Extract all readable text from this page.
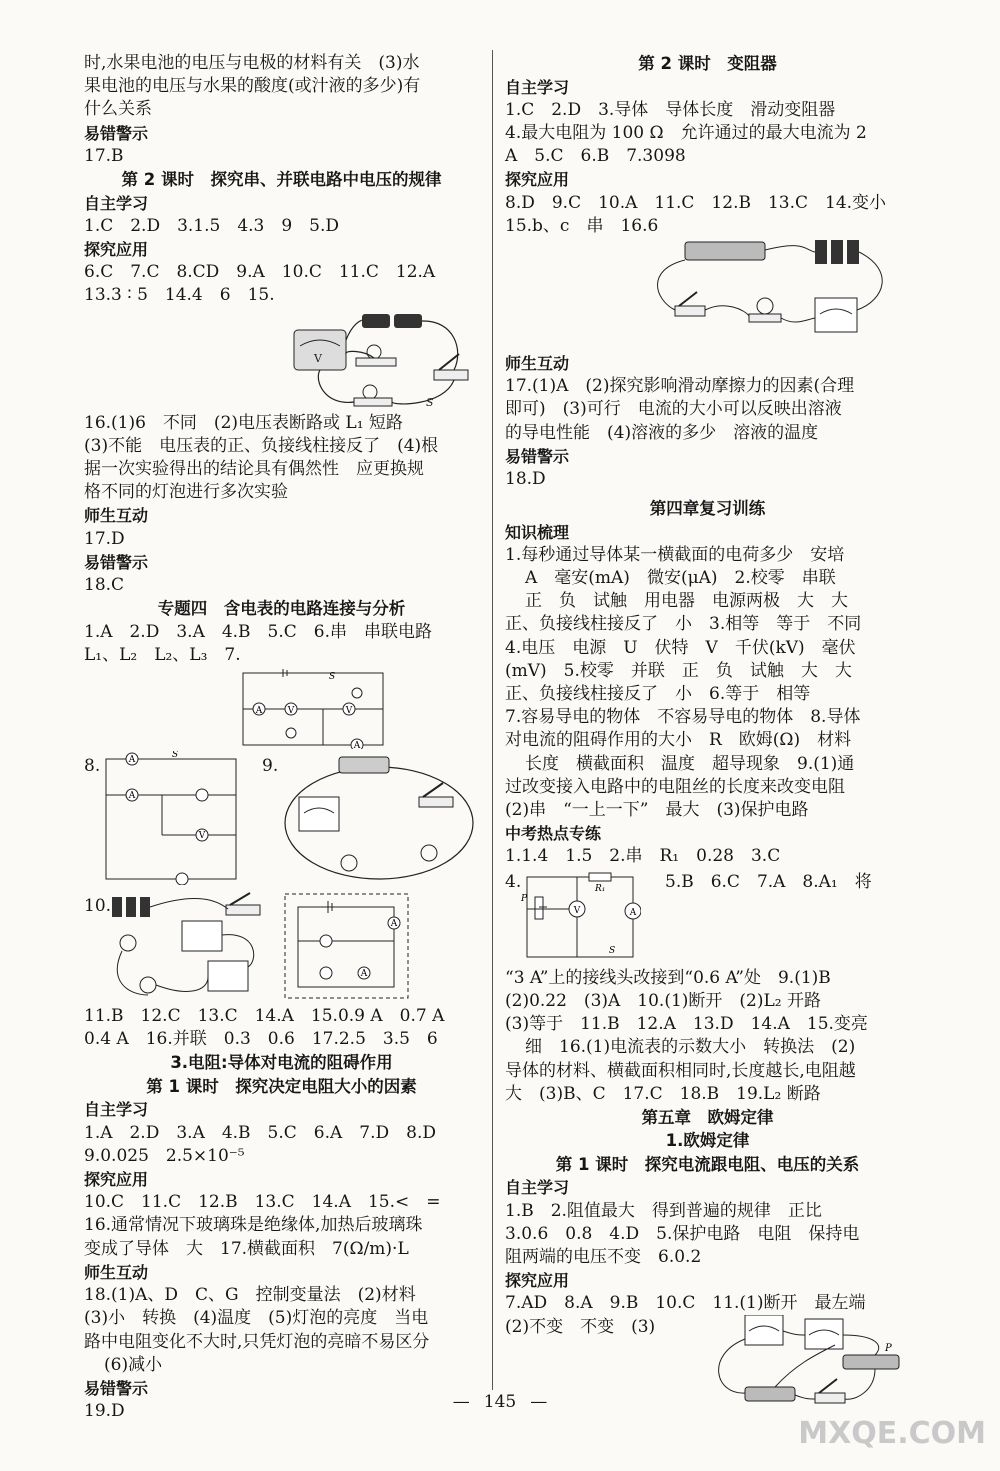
时,水果电池的电压与电极的材料有关　(3)水

果电池的电压与水果的酸度(或汁液的多少)有

什么关系

易错警示

17.B

第 2 课时　探究串、并联电路中电压的规律

自主学习

1.C　2.D　3.1.5　4.3　9　5.D

探究应用

6.C　7.C　8.CD　9.A　10.C　11.C　12.A

13.3 ∶ 5　14.4　6　15.

V
S

16.(1)6　不同　(2)电压表断路或 L₁ 短路

(3)不能　电压表的正、负接线柱接反了　(4)根

据一次实验得出的结论具有偶然性　应更换规

格不同的灯泡进行多次实验

师生互动

17.D

易错警示

18.C

专题四　含电表的电路连接与分析

1.A　2.D　3.A　4.B　5.C　6.串　串联电路

L₁、L₂　L₂、L₃　7.

A	V	V
A
S
8.	A
A
V
S
9.
10.
A
A

11.B　12.C　13.C　14.A　15.0.9 A　0.7 A

0.4 A　16.并联　0.3　0.6　17.2.5　3.5　6

3.电阻:导体对电流的阻碍作用

第 1 课时　探究决定电阻大小的因素

自主学习

1.A　2.D　3.A　4.B　5.C　6.A　7.D　8.D

9.0.025　2.5×10⁻⁵

探究应用

10.C　11.C　12.B　13.C　14.A　15.<　=

16.通常情况下玻璃珠是绝缘体,加热后玻璃珠

变成了导体　大　17.横截面积　7(Ω/m)·L

师生互动

18.(1)A、D　C、G　控制变量法　(2)材料

(3)小　转换　(4)温度　(5)灯泡的亮度　当电

路中电阻变化不大时,只凭灯泡的亮暗不易区分

(6)减小

易错警示

19.D

第 2 课时　变阻器

自主学习

1.C　2.D　3.导体　导体长度　滑动变阻器

4.最大电阻为 100 Ω　允许通过的最大电流为 2

A　5.C　6.B　7.3098

探究应用

8.D　9.C　10.A　11.C　12.B　13.C　14.变小

15.b、c　串　16.6

师生互动

17.(1)A　(2)探究影响滑动摩擦力的因素(合理

即可)　(3)可行　电流的大小可以反映出溶液

的导电性能　(4)溶液的多少　溶液的温度

易错警示

18.D

第四章复习训练

知识梳理

1.每秒通过导体某一横截面的电荷多少　安培

A　毫安(mA)　微安(μA)　2.校零　串联

正　负　试触　用电器　电源两极　大　大

正、负接线柱接反了　小　3.相等　等于　不同

4.电压　电源　U　伏特　V　千伏(kV)　毫伏

(mV)　5.校零　并联　正　负　试触　大　大

正、负接线柱接反了　小　6.等于　相等

7.容易导电的物体　不容易导电的物体　8.导体

对电流的阻碍作用的大小　R　欧姆(Ω)　材料

长度　横截面积　温度　超导现象　9.(1)通

过改变接入电路中的电阻丝的长度来改变电阻

(2)串　“一上一下”　最大　(3)保护电路

中考热点专练

1.1.4　1.5　2.串　R₁　0.28　3.C

4.
V	A
P
R₁
S
5.B　6.C　7.A　8.A₁　将

“3 A”上的接线头改接到“0.6 A”处　9.(1)B

(2)0.22　(3)A　10.(1)断开　(2)L₂ 开路

(3)等于　11.B　12.A　13.D　14.A　15.变亮

细　16.(1)电流表的示数大小　转换法　(2)

导体的材料、横截面积相同时,长度越长,电阻越

大　(3)B、C　17.C　18.B　19.L₂ 断路

第五章　欧姆定律

1.欧姆定律

第 1 课时　探究电流跟电阻、电压的关系

自主学习

1.B　2.阻值最大　得到普遍的规律　正比

3.0.6　0.8　4.D　5.保护电路　电阻　保持电

阻两端的电压不变　6.0.2

探究应用

7.AD　8.A　9.B　10.C　11.(1)断开　最左端

(2)不变　不变　(3)

P
— 145 —
MXQE.COM
